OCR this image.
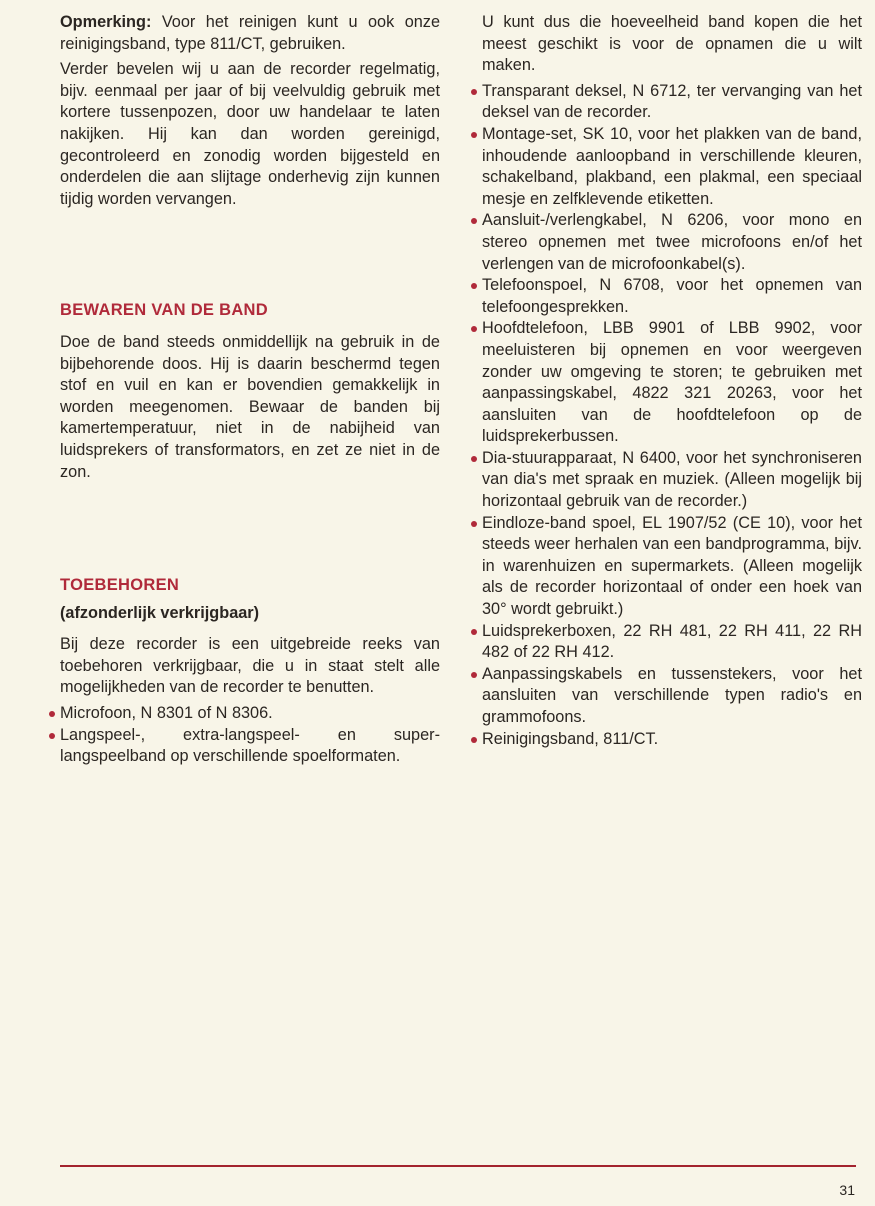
Opmerking: Voor het reinigen kunt u ook onze reinigingsband, type 811/CT, gebruiken.

Verder bevelen wij u aan de recorder regelmatig, bijv. eenmaal per jaar of bij veelvuldig gebruik met kortere tussenpozen, door uw handelaar te laten nakijken. Hij kan dan worden gereinigd, gecontroleerd en zonodig worden bijgesteld en onderdelen die aan slijtage onderhevig zijn kunnen tijdig worden vervangen.

BEWAREN VAN DE BAND

Doe de band steeds onmiddellijk na gebruik in de bijbehorende doos. Hij is daarin beschermd tegen stof en vuil en kan er bovendien gemakkelijk in worden meegenomen. Bewaar de banden bij kamertemperatuur, niet in de nabijheid van luidsprekers of transformators, en zet ze niet in de zon.

TOEBEHOREN

(afzonderlijk verkrijgbaar)

Bij deze recorder is een uitgebreide reeks van toebehoren verkrijgbaar, die u in staat stelt alle mogelijkheden van de recorder te benutten.

Microfoon, N 8301 of N 8306.
Langspeel-, extra-langspeel- en super-langspeelband op verschillende spoelformaten.

U kunt dus die hoeveelheid band kopen die het meest geschikt is voor de opnamen die u wilt maken.

Transparant deksel, N 6712, ter vervanging van het deksel van de recorder.
Montage-set, SK 10, voor het plakken van de band, inhoudende aanloopband in verschillende kleuren, schakelband, plakband, een plakmal, een speciaal mesje en zelfklevende etiketten.
Aansluit-/verlengkabel, N 6206, voor mono en stereo opnemen met twee microfoons en/of het verlengen van de microfoonkabel(s).
Telefoonspoel, N 6708, voor het opnemen van telefoongesprekken.
Hoofdtelefoon, LBB 9901 of LBB 9902, voor meeluisteren bij opnemen en voor weergeven zonder uw omgeving te storen; te gebruiken met aanpassingskabel, 4822 321 20263, voor het aansluiten van de hoofdtelefoon op de luidsprekerbussen.
Dia-stuurapparaat, N 6400, voor het synchroniseren van dia's met spraak en muziek. (Alleen mogelijk bij horizontaal gebruik van de recorder.)
Eindloze-band spoel, EL 1907/52 (CE 10), voor het steeds weer herhalen van een bandprogramma, bijv. in warenhuizen en supermarkets. (Alleen mogelijk als de recorder horizontaal of onder een hoek van 30° wordt gebruikt.)
Luidsprekerboxen, 22 RH 481, 22 RH 411, 22 RH 482 of 22 RH 412.
Aanpassingskabels en tussenstekers, voor het aansluiten van verschillende typen radio's en grammofoons.
Reinigingsband, 811/CT.
31
